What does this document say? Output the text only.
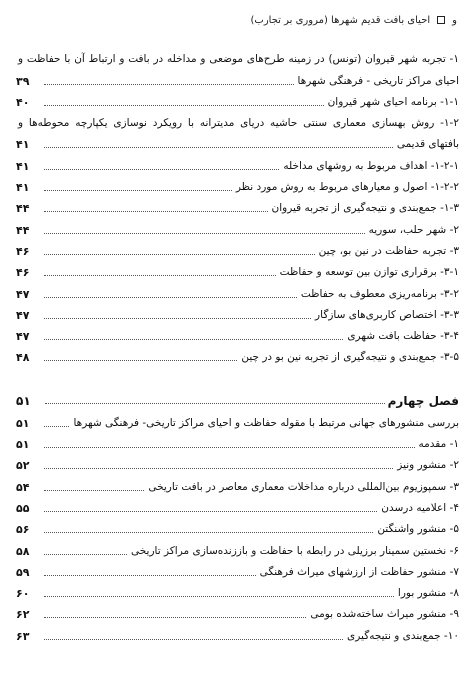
و
احیای بافت قدیم شهرها (مروری بر تجارب)
۱- تجربه شهر قیروان (تونس) در زمینه طرح‌های موضعی و مداخله در بافت و ارتباط آن با حفاظت و
احیای مراکز تاریخی - فرهنگی شهرها
۳۹
۱-۱- برنامه احیای شهر قیروان
۴۰
۱-۲- روش بهسازی معماری سنتی حاشیه دریای مدیترانه با رویکرد نوسازی یکپارچه محوطه‌ها و
بافتهای قدیمی
۴۱
۱-۲-۱- اهداف مربوط به روشهای مداخله
۴۱
۱-۲-۲- اصول و معیارهای مربوط به روش مورد نظر
۴۱
۱-۳- جمع‌بندی و نتیجه‌گیری از تجربه قیروان
۴۴
۲- شهر حلب، سوریه
۴۴
۳- تجربه حفاظت در نین بو، چین
۴۶
۳-۱- برقراری توازن بین توسعه و حفاظت
۴۶
۳-۲- برنامه‌ریزی معطوف به حفاظت
۴۷
۳-۳- اختصاص کاربری‌های سازگار
۴۷
۳-۴- حفاظت بافت شهری
۴۷
۳-۵- جمع‌بندی و نتیجه‌گیری از تجربه نین بو در چین
۴۸
فصل چهارم
۵۱
بررسی منشورهای جهانی مرتبط با مقوله حفاظت و احیای مراکز تاریخی- فرهنگی شهرها
۵۱
۱- مقدمه
۵۱
۲- منشور ونیز
۵۲
۳- سمپوزیوم بین‌المللی درباره مداخلات معماری معاصر در بافت تاریخی
۵۴
۴- اعلامیه درسدن
۵۵
۵- منشور واشنگتن
۵۶
۶- نخستین سمینار برزیلی در رابطه با حفاظت و باززنده‌سازی مراکز تاریخی
۵۸
۷- منشور حفاظت از ارزشهای میراث فرهنگی
۵۹
۸- منشور بورا
۶۰
۹- منشور میراث ساخته‌شده بومی
۶۲
۱۰- جمع‌بندی و نتیجه‌گیری
۶۳
